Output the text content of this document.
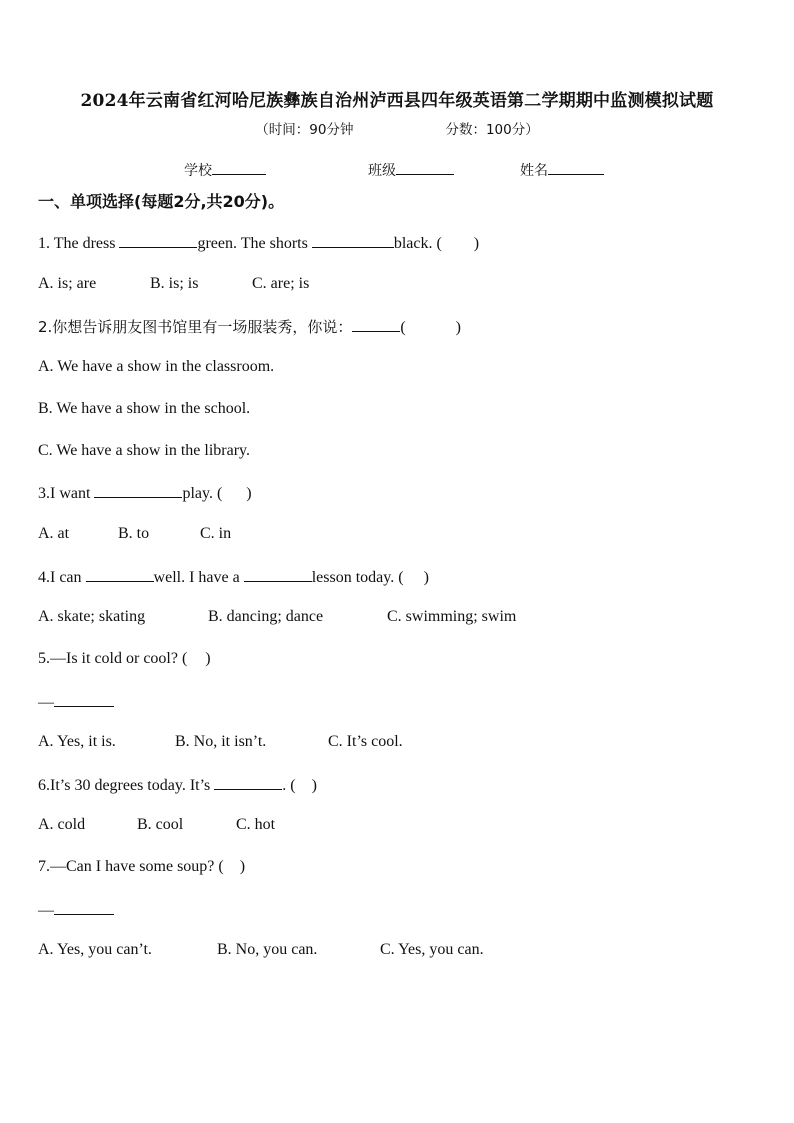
2024年云南省红河哈尼族彝族自治州泸西县四年级英语第二学期期中监测模拟试题
（时间：90分钟	分数：100分）
学校	班级	姓名
一、单项选择(每题2分,共20分)。
1. The dress	green. The shorts	black. ( )
A. is; are	B. is; is	C. are; is
2.你想告诉朋友图书馆里有一场服装秀，你说：	(	)
A. We have a show in the classroom.
B. We have a show in the school.
C. We have a show in the library.
3.I want	play. ( )
A. at	B. to	C. in
4.I can	well. I have a	lesson today. ( )
A. skate; skating	B. dancing; dance	C. swimming; swim
5.—Is it cold or cool? ( )
—
A. Yes, it is.	B. No, it isn’t.	C. It’s cool.
6.It’s 30 degrees today. It’s	. ( )
A. cold	B. cool	C. hot
7.—Can I have some soup? ( )
—
A. Yes, you can’t.	B. No, you can.	C. Yes, you can.
